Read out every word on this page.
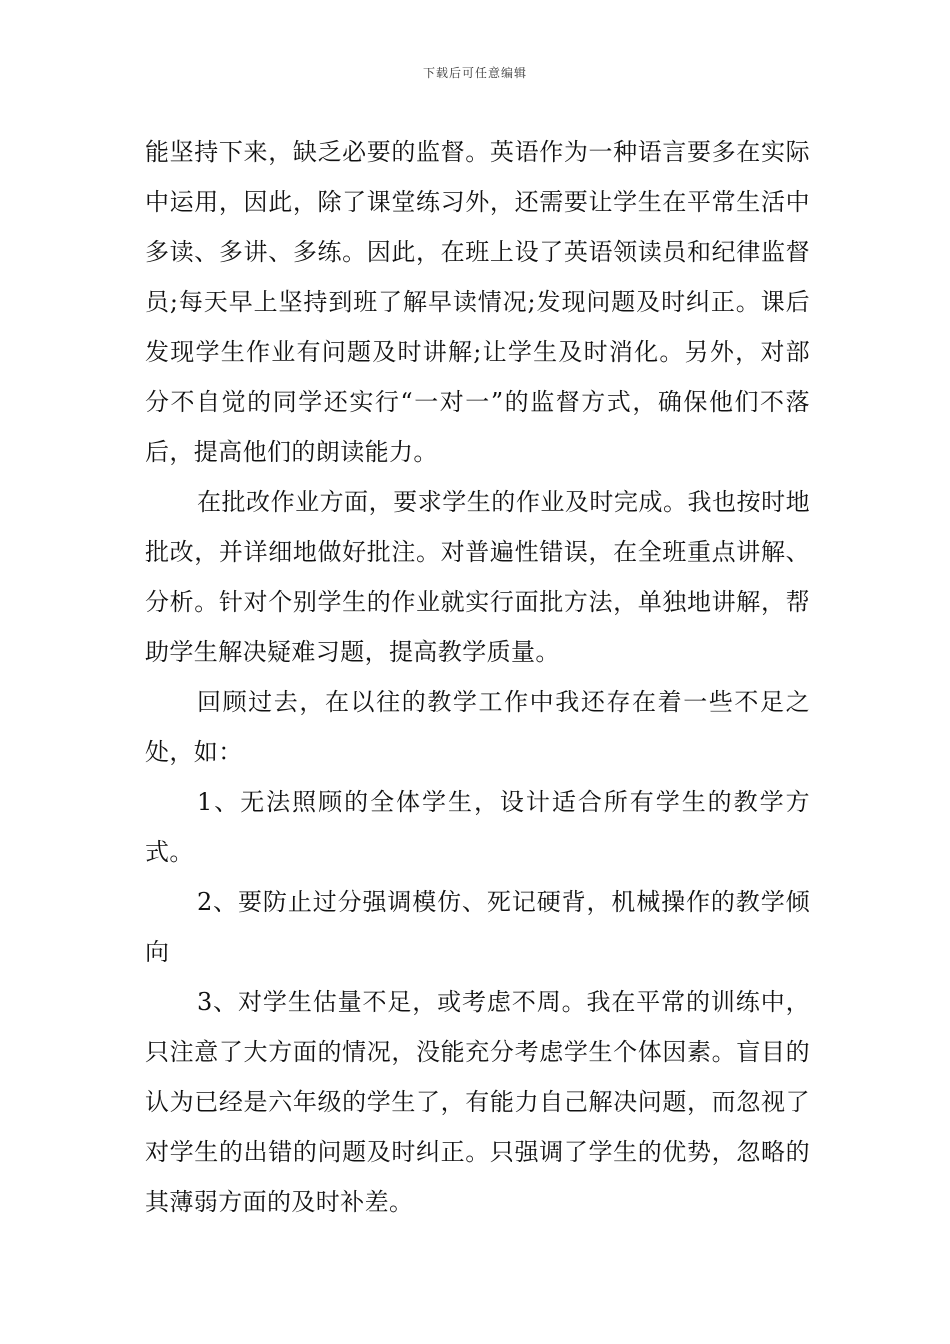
下载后可任意编辑

能坚持下来，缺乏必要的监督。英语作为一种语言要多在实际中运用，因此，除了课堂练习外，还需要让学生在平常生活中多读、多讲、多练。因此，在班上设了英语领读员和纪律监督员;每天早上坚持到班了解早读情况;发现问题及时纠正。课后发现学生作业有问题及时讲解;让学生及时消化。另外，对部分不自觉的同学还实行“一对一”的监督方式，确保他们不落后，提高他们的朗读能力。

在批改作业方面，要求学生的作业及时完成。我也按时地批改，并详细地做好批注。对普遍性错误，在全班重点讲解、分析。针对个别学生的作业就实行面批方法，单独地讲解，帮助学生解决疑难习题，提高教学质量。

回顾过去，在以往的教学工作中我还存在着一些不足之处，如：

1、无法照顾的全体学生，设计适合所有学生的教学方式。

2、要防止过分强调模仿、死记硬背，机械操作的教学倾向

3、对学生估量不足，或考虑不周。我在平常的训练中，只注意了大方面的情况，没能充分考虑学生个体因素。盲目的认为已经是六年级的学生了，有能力自己解决问题，而忽视了对学生的出错的问题及时纠正。只强调了学生的优势，忽略的其薄弱方面的及时补差。
